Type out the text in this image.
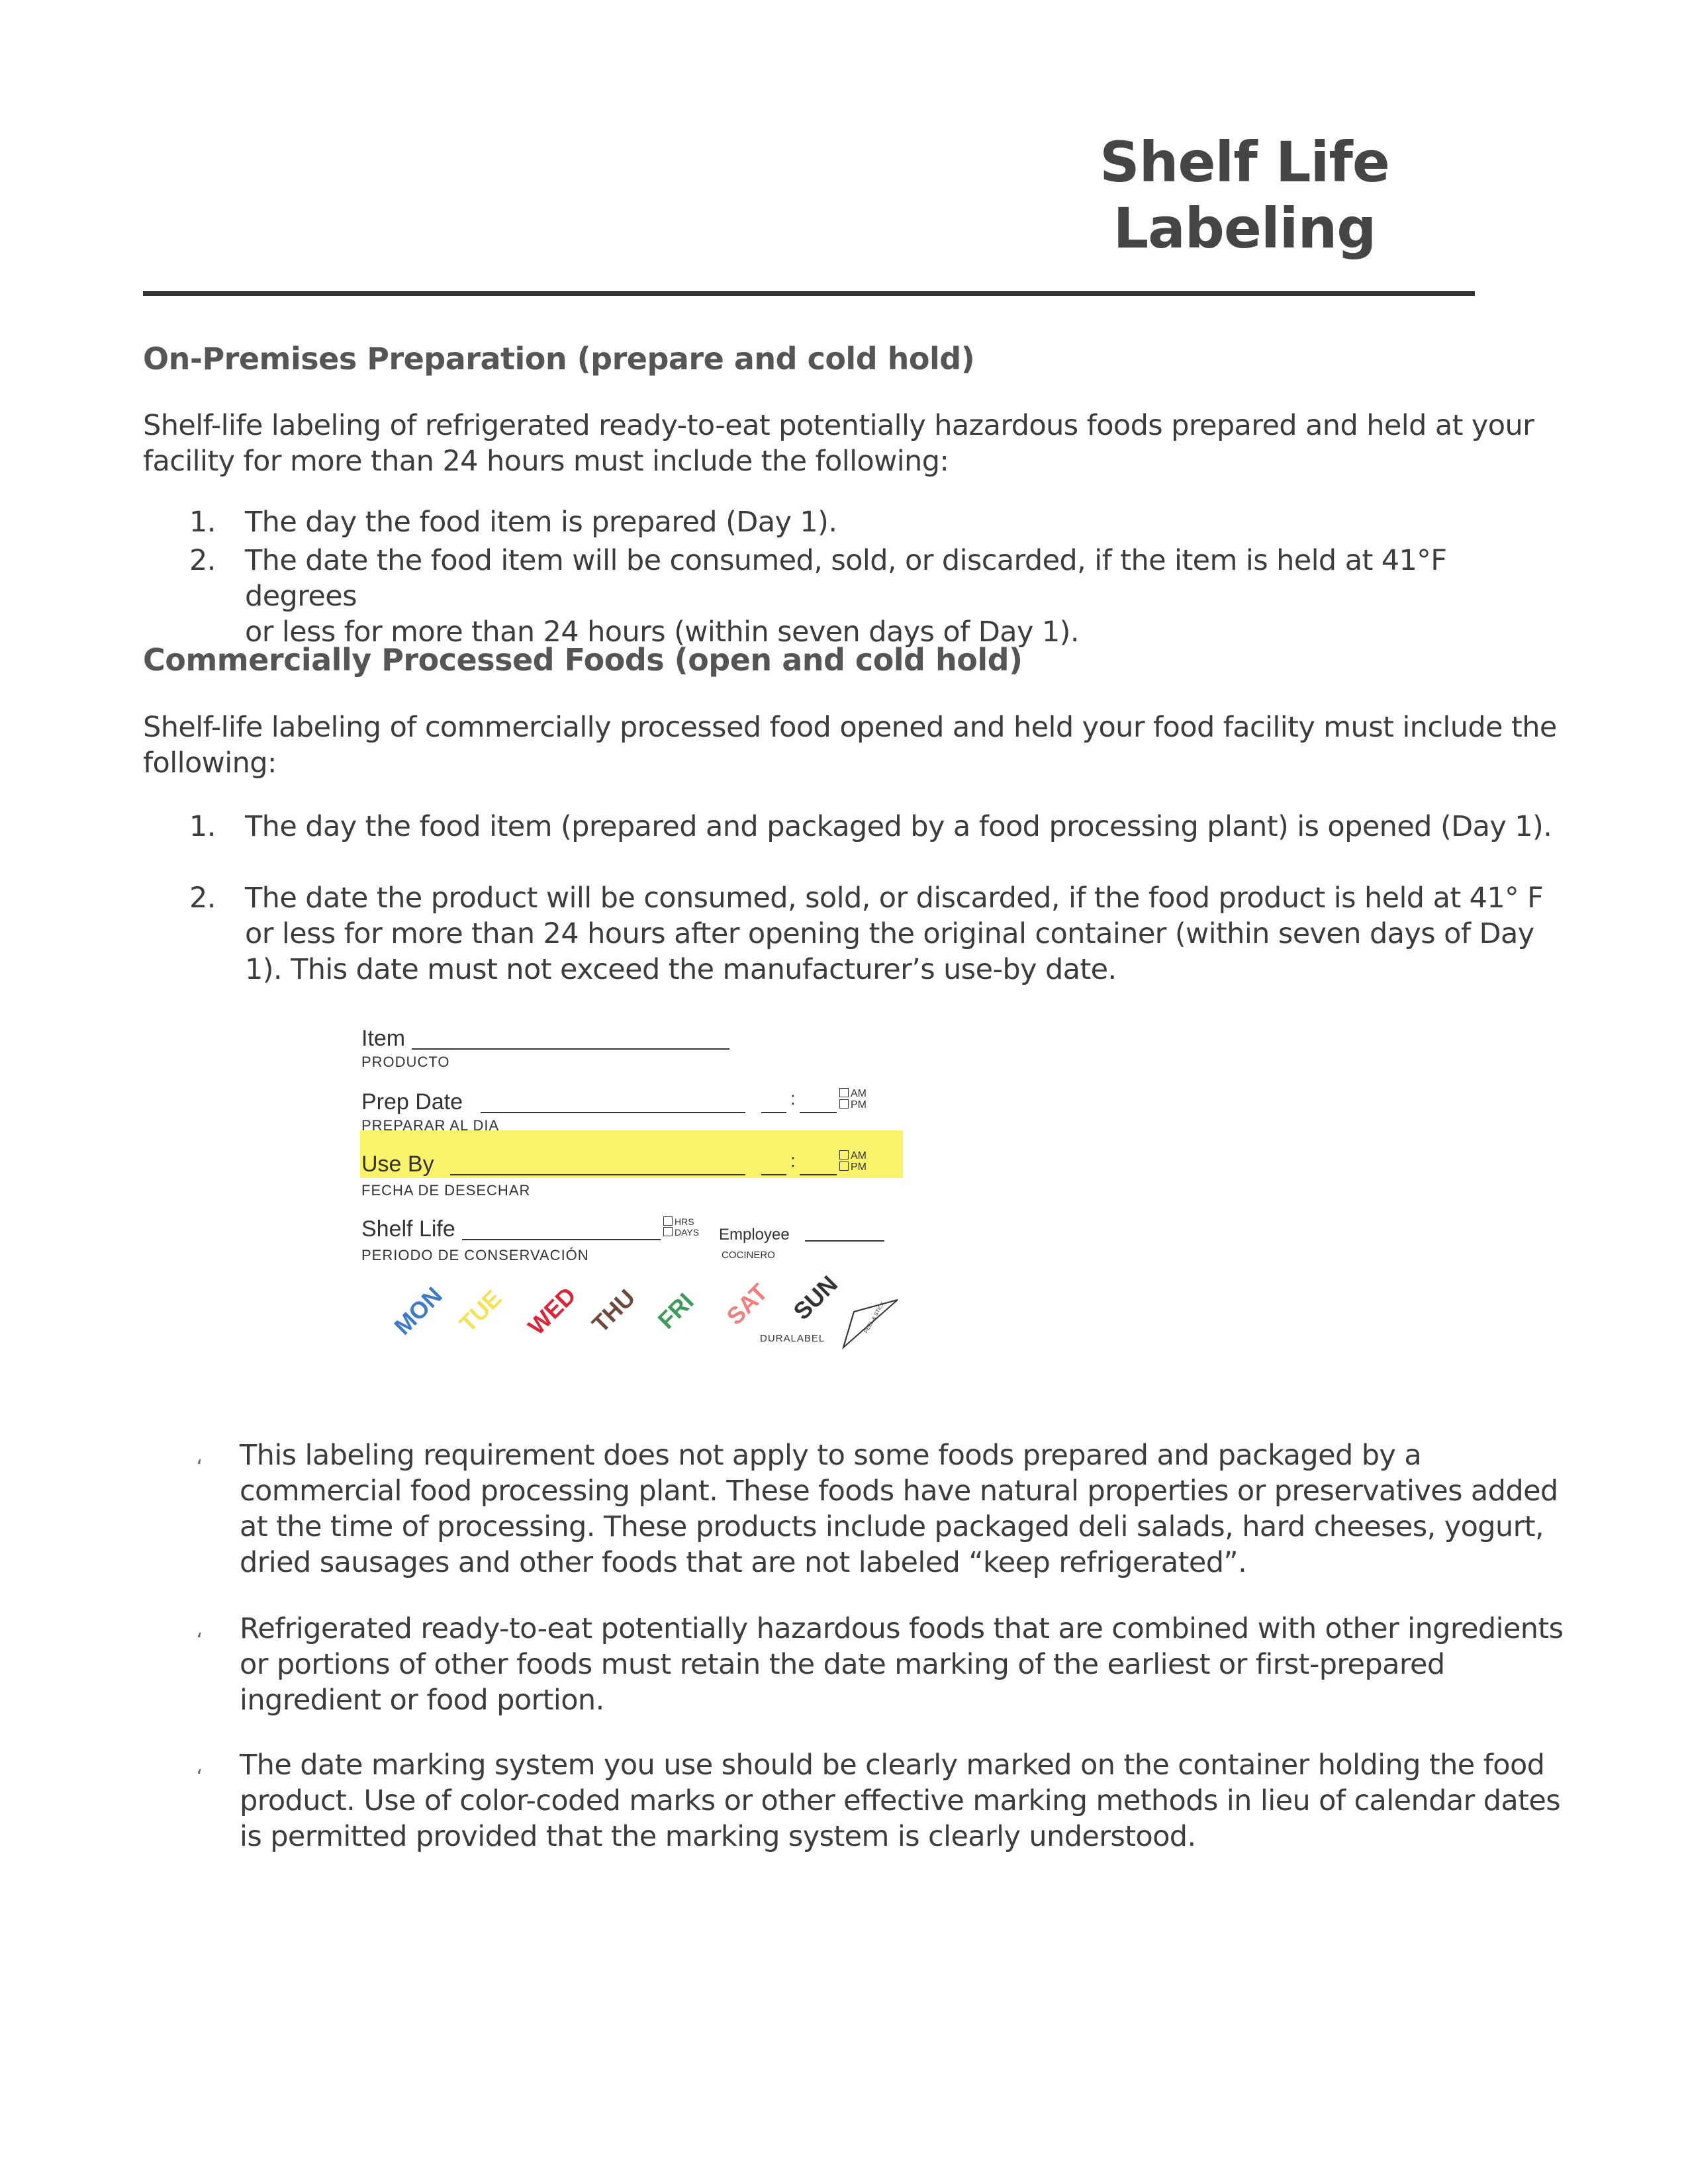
Shelf Life
Labeling
On-Premises Preparation (prepare and cold hold)
Shelf-life labeling of refrigerated ready-to-eat potentially hazardous foods prepared and held at your
facility for more than 24 hours must include the following:
1.	The day the food item is prepared (Day 1).
2.	The date the food item will be consumed, sold, or discarded, if the item is held at 41°F degrees
or less for more than 24 hours (within seven days of Day 1).
Commercially Processed Foods (open and cold hold)
Shelf-life labeling of commercially processed food opened and held your food facility must include the
following:
1.	The day the food item (prepared and packaged by a food processing plant) is opened (Day 1).
2.	The date the product will be consumed, sold, or discarded, if the food product is held at 41° F
or less for more than 24 hours after opening the original container (within seven days of Day
1). This date must not exceed the manufacturer’s use-by date.
Item
PRODUCTO
Prep Date	:	AM
PM
PREPARAR AL DIA
Use By	:	AM
PM
FECHA DE DESECHAR
Shelf Life	HRS
DAYS Employee
PERIODO DE CONSERVACIÓN	COCINERO
MON TUE WED THU FRI SAT SUN
DURALABEL
PEEL & STICK
، This labeling requirement does not apply to some foods prepared and packaged by a
commercial food processing plant. These foods have natural properties or preservatives added
at the time of processing. These products include packaged deli salads, hard cheeses, yogurt,
dried sausages and other foods that are not labeled “keep refrigerated”.
، Refrigerated ready-to-eat potentially hazardous foods that are combined with other ingredients
or portions of other foods must retain the date marking of the earliest or first-prepared
ingredient or food portion.
، The date marking system you use should be clearly marked on the container holding the food
product. Use of color-coded marks or other effective marking methods in lieu of calendar dates
is permitted provided that the marking system is clearly understood.
